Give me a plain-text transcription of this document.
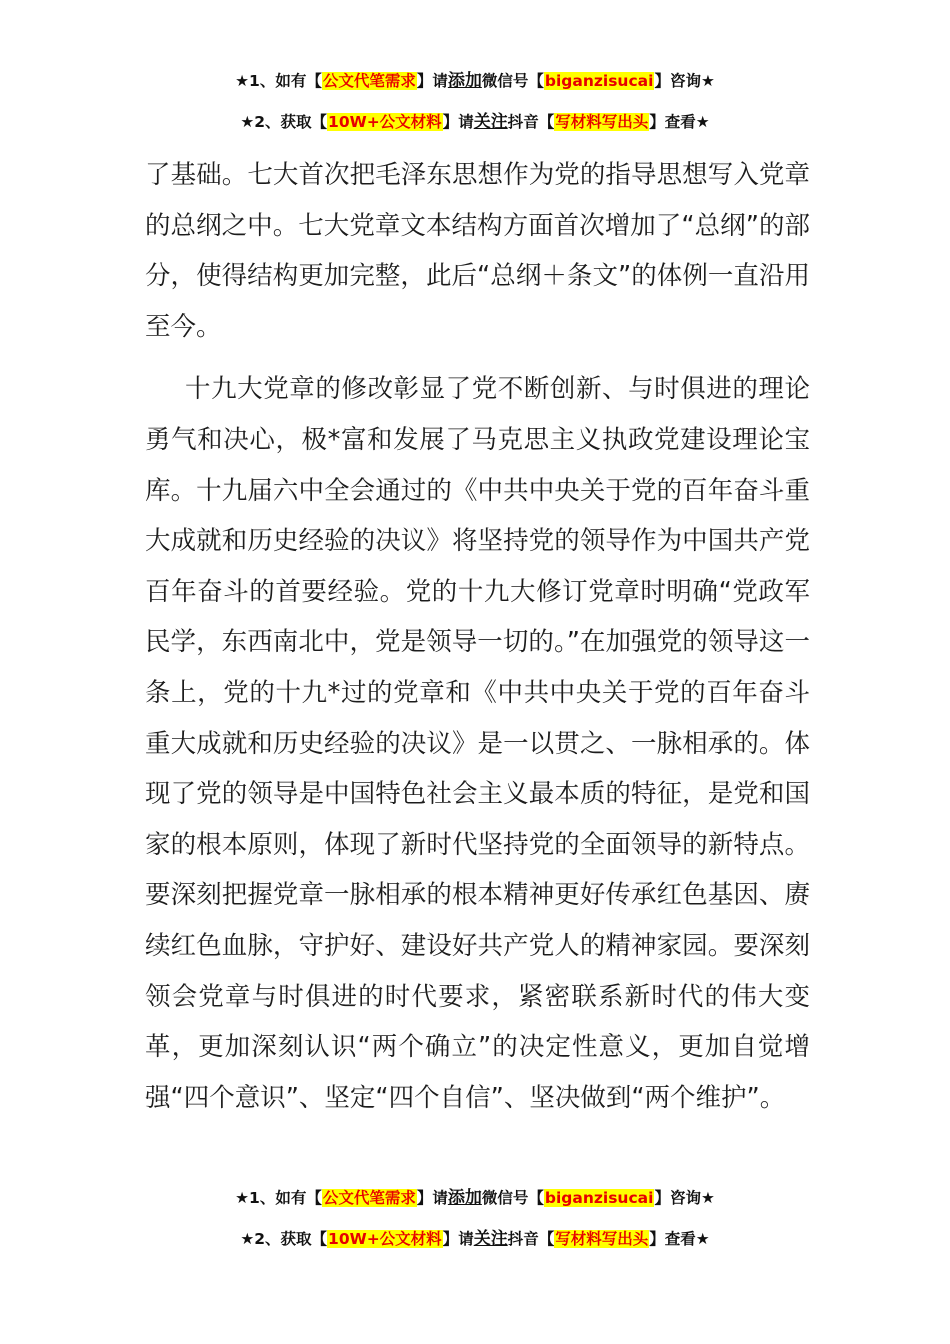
★1、如有【公文代笔需求】请添加微信号【biganzisucai】咨询★
★2、获取【10W+公文材料】请关注抖音【写材料写出头】查看★

了基础。七大首次把毛泽东思想作为党的指导思想写入党章的总纲之中。七大党章文本结构方面首次增加了“总纲”的部分，使得结构更加完整，此后“总纲＋条文”的体例一直沿用至今。

十九大党章的修改彰显了党不断创新、与时俱进的理论勇气和决心，极*富和发展了马克思主义执政党建设理论宝库。十九届六中全会通过的《中共中央关于党的百年奋斗重大成就和历史经验的决议》将坚持党的领导作为中国共产党百年奋斗的首要经验。党的十九大修订党章时明确“党政军民学，东西南北中，党是领导一切的。”在加强党的领导这一条上，党的十九*过的党章和《中共中央关于党的百年奋斗重大成就和历史经验的决议》是一以贯之、一脉相承的。体现了党的领导是中国特色社会主义最本质的特征，是党和国家的根本原则，体现了新时代坚持党的全面领导的新特点。要深刻把握党章一脉相承的根本精神更好传承红色基因、赓续红色血脉，守护好、建设好共产党人的精神家园。要深刻领会党章与时俱进的时代要求，紧密联系新时代的伟大变革，更加深刻认识“两个确立”的决定性意义，更加自觉增强“四个意识”、坚定“四个自信”、坚决做到“两个维护”。

★1、如有【公文代笔需求】请添加微信号【biganzisucai】咨询★
★2、获取【10W+公文材料】请关注抖音【写材料写出头】查看★
